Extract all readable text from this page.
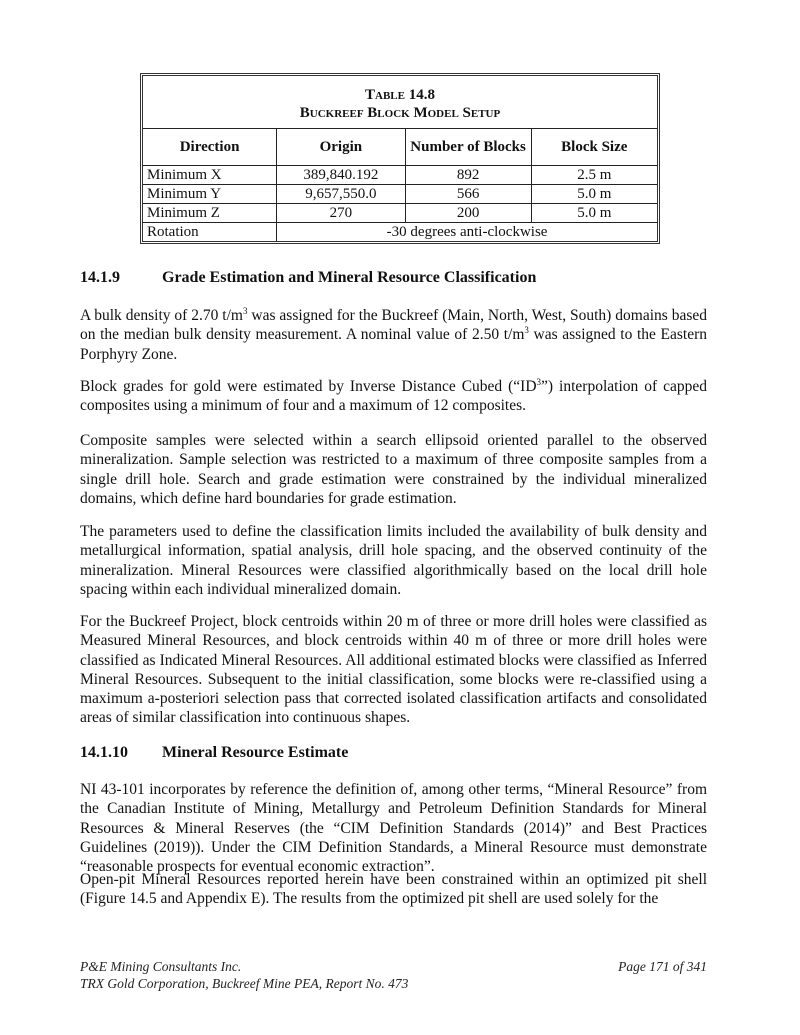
Table 14.8
Buckreef Block Model Setup			

Direction	Origin	Number of Blocks	Block Size
Minimum X	389,840.192	892	2.5 m
Minimum Y	9,657,550.0	566	5.0 m
Minimum Z	270	200	5.0 m
Rotation	-30 degrees anti-clockwise		
14.1.9	Grade Estimation and Mineral Resource Classification
A bulk density of 2.70 $t/m^3$ was assigned for the Buckreef (Main, North, West, South) domains based on the median bulk density measurement. A nominal value of 2.50 $t/m^3$ was assigned to the Eastern Porphyry Zone.
Block grades for gold were estimated by Inverse Distance Cubed $(“ID^3”)$ interpolation of capped composites using a minimum of four and a maximum of 12 composites.
Composite samples were selected within a search ellipsoid oriented parallel to the observed mineralization. Sample selection was restricted to a maximum of three composite samples from a single drill hole. Search and grade estimation were constrained by the individual mineralized domains, which define hard boundaries for grade estimation.
The parameters used to define the classification limits included the availability of bulk density and metallurgical information, spatial analysis, drill hole spacing, and the observed continuity of the mineralization. Mineral Resources were classified algorithmically based on the local drill hole spacing within each individual mineralized domain.
For the Buckreef Project, block centroids within 20 m of three or more drill holes were classified as Measured Mineral Resources, and block centroids within 40 m of three or more drill holes were classified as Indicated Mineral Resources. All additional estimated blocks were classified as Inferred Mineral Resources. Subsequent to the initial classification, some blocks were re-classified using a maximum a-posteriori selection pass that corrected isolated classification artifacts and consolidated areas of similar classification into continuous shapes.
14.1.10 Mineral Resource Estimate
NI 43-101 incorporates by reference the definition of, among other terms, “Mineral Resource” from the Canadian Institute of Mining, Metallurgy and Petroleum Definition Standards for Mineral Resources & Mineral Reserves (the “CIM Definition Standards (2014)” and Best Practices Guidelines (2019)). Under the CIM Definition Standards, a Mineral Resource must demonstrate “reasonable prospects for eventual economic extraction”.
Open-pit Mineral Resources reported herein have been constrained within an optimized pit shell (Figure 14.5 and Appendix E). The results from the optimized pit shell are used solely for the
P&E Mining Consultants Inc.
TRX Gold Corporation, Buckreef Mine PEA, Report No. 473
Page 171 of 341
